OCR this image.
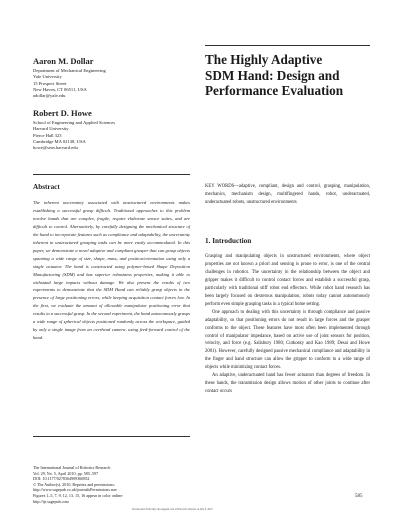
Aaron M. Dollar
Department of Mechanical Engineering
Yale University
15 Prospect Street
New Haven, CT 06511, USA
adollar@yale.edu
Robert D. Howe
School of Engineering and Applied Sciences
Harvard University
Pierce Hall 323
Cambridge MA 02138, USA
howe@seas.harvard.edu
The Highly Adaptive
SDM Hand: Design and
Performance Evaluation
Abstract

The inherent uncertainty associated with unstructured environments makes establishing a successful grasp difficult. Traditional approaches to this problem involve hands that are complex, fragile, require elaborate sensor suites, and are difficult to control. Alternatively, by carefully designing the mechanical structure of the hand to incorporate features such as compliance and adaptability, the uncertainty inherent in unstructured grasping tasks can be more easily accommodated. In this paper, we demonstrate a novel adaptive and compliant grasper that can grasp objects spanning a wide range of size, shape, mass, and position/orientation using only a single actuator. The hand is constructed using polymer-based Shape Deposition Manufacturing (SDM) and has superior robustness properties, making it able to withstand large impacts without damage. We also present the results of two experiments to demonstrate that the SDM Hand can reliably grasp objects in the presence of large positioning errors, while keeping acquisition contact forces low. In the first, we evaluate the amount of allowable manipulator positioning error that results in a successful grasp. In the second experiment, the hand autonomously grasps a wide range of spherical objects positioned randomly across the workspace, guided by only a single image from an overhead camera, using feed-forward control of the hand.

The International Journal of Robotics Research
Vol. 29, No. 5, April 2010, pp. 585–597
DOI: 10.1177/0278364909360852
© The Author(s), 2010. Reprints and permissions:
http://www.sagepub.co.uk/journalsPermissions.nav
Figures 1–5, 7, 9, 12, 13, 15, 16 appear in color online:
http://ijr.sagepub.com

KEY WORDS—adaptive, compliant, design and control, grasping, manipulation, mechanics, mechanism design, multifingered hands, robot, underactuated, underactuated robots, unstructured environments

1. Introduction

Grasping and manipulating objects in unstructured environments, where object properties are not known a priori and sensing is prone to error, is one of the central challenges in robotics. The uncertainty in the relationship between the object and gripper makes it difficult to control contact forces and establish a successful grasp, particularly with traditional stiff robot end effectors. While robot hand research has been largely focused on dexterous manipulation, robots today cannot autonomously perform even simple grasping tasks in a typical home setting.

One approach to dealing with this uncertainty is through compliance and passive adaptability, so that positioning errors do not result in large forces and the grasper conforms to the object. These features have most often been implemented through control of manipulator impedance, based on active use of joint sensors for position, velocity, and force (e.g. Salisbury 1980; Cutkosky and Kao 1989; Desai and Howe 2001). However, carefully designed passive mechanical compliance and adaptability in the finger and hand structure can allow the gripper to conform to a wide range of objects while minimizing contact forces.

An adaptive, underactuated hand has fewer actuators than degrees of freedom. In these hands, the transmission design allows motion of other joints to continue after contact occurs

585
Downloaded from http://ijr.sagepub.com at Harvard Libraries on July 8, 2010
